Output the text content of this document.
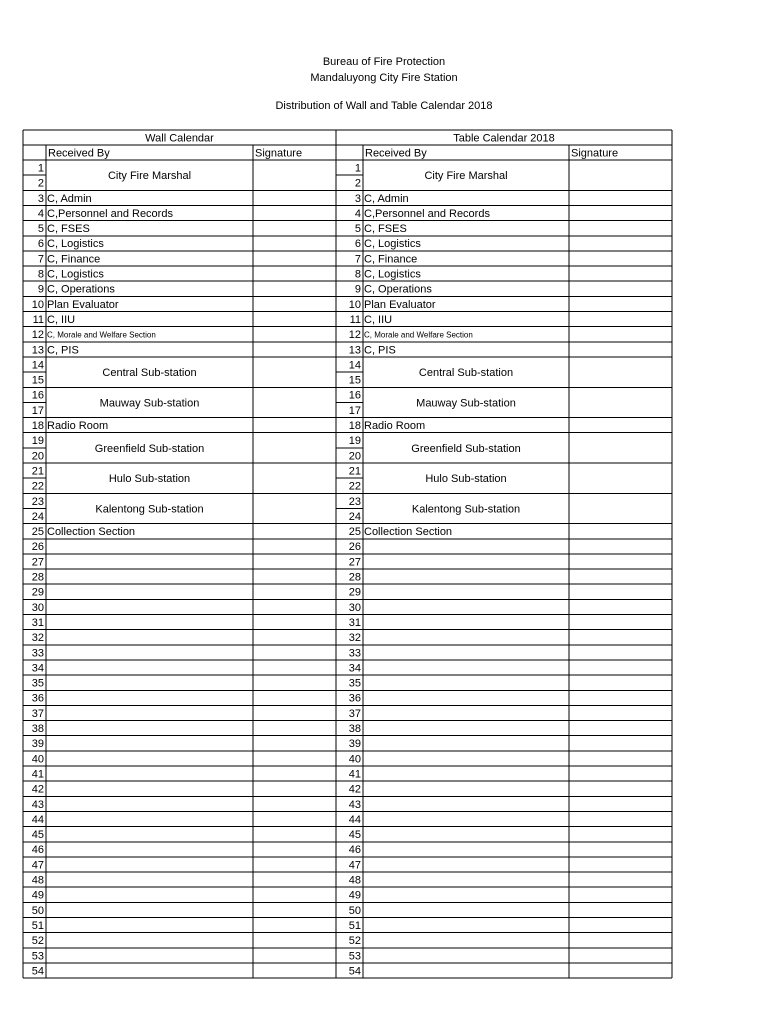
Bureau of Fire Protection
Mandaluyong City Fire Station
Distribution of Wall and Table Calendar 2018
Wall Calendar
Received By	Signature
1
2
City Fire Marshal
3 C, Admin
4 C,Personnel and Records
5 C, FSES
6 C, Logistics
7 C, Finance
8 C, Logistics
9 C, Operations
10 Plan Evaluator
11 C, IIU
12 C, Morale and Welfare Section
13 C, PIS
14
15
Central Sub-station
16
17
Mauway Sub-station
18 Radio Room
19
20
Greenfield Sub-station
21
22
Hulo Sub-station
23
24
Kalentong Sub-station
25 Collection Section
26
27
28
29
30
31
32
33
34
35
36
37
38
39
40
41
42
43
44
45
46
47
48
49
50
51
52
53
54
Table Calendar 2018
Received By	Signature
1
2
City Fire Marshal
3 C, Admin
4 C,Personnel and Records
5 C, FSES
6 C, Logistics
7 C, Finance
8 C, Logistics
9 C, Operations
10 Plan Evaluator
11 C, IIU
12 C, Morale and Welfare Section
13 C, PIS
14
15
Central Sub-station
16
17
Mauway Sub-station
18 Radio Room
19
20
Greenfield Sub-station
21
22
Hulo Sub-station
23
24
Kalentong Sub-station
25 Collection Section
26
27
28
29
30
31
32
33
34
35
36
37
38
39
40
41
42
43
44
45
46
47
48
49
50
51
52
53
54
